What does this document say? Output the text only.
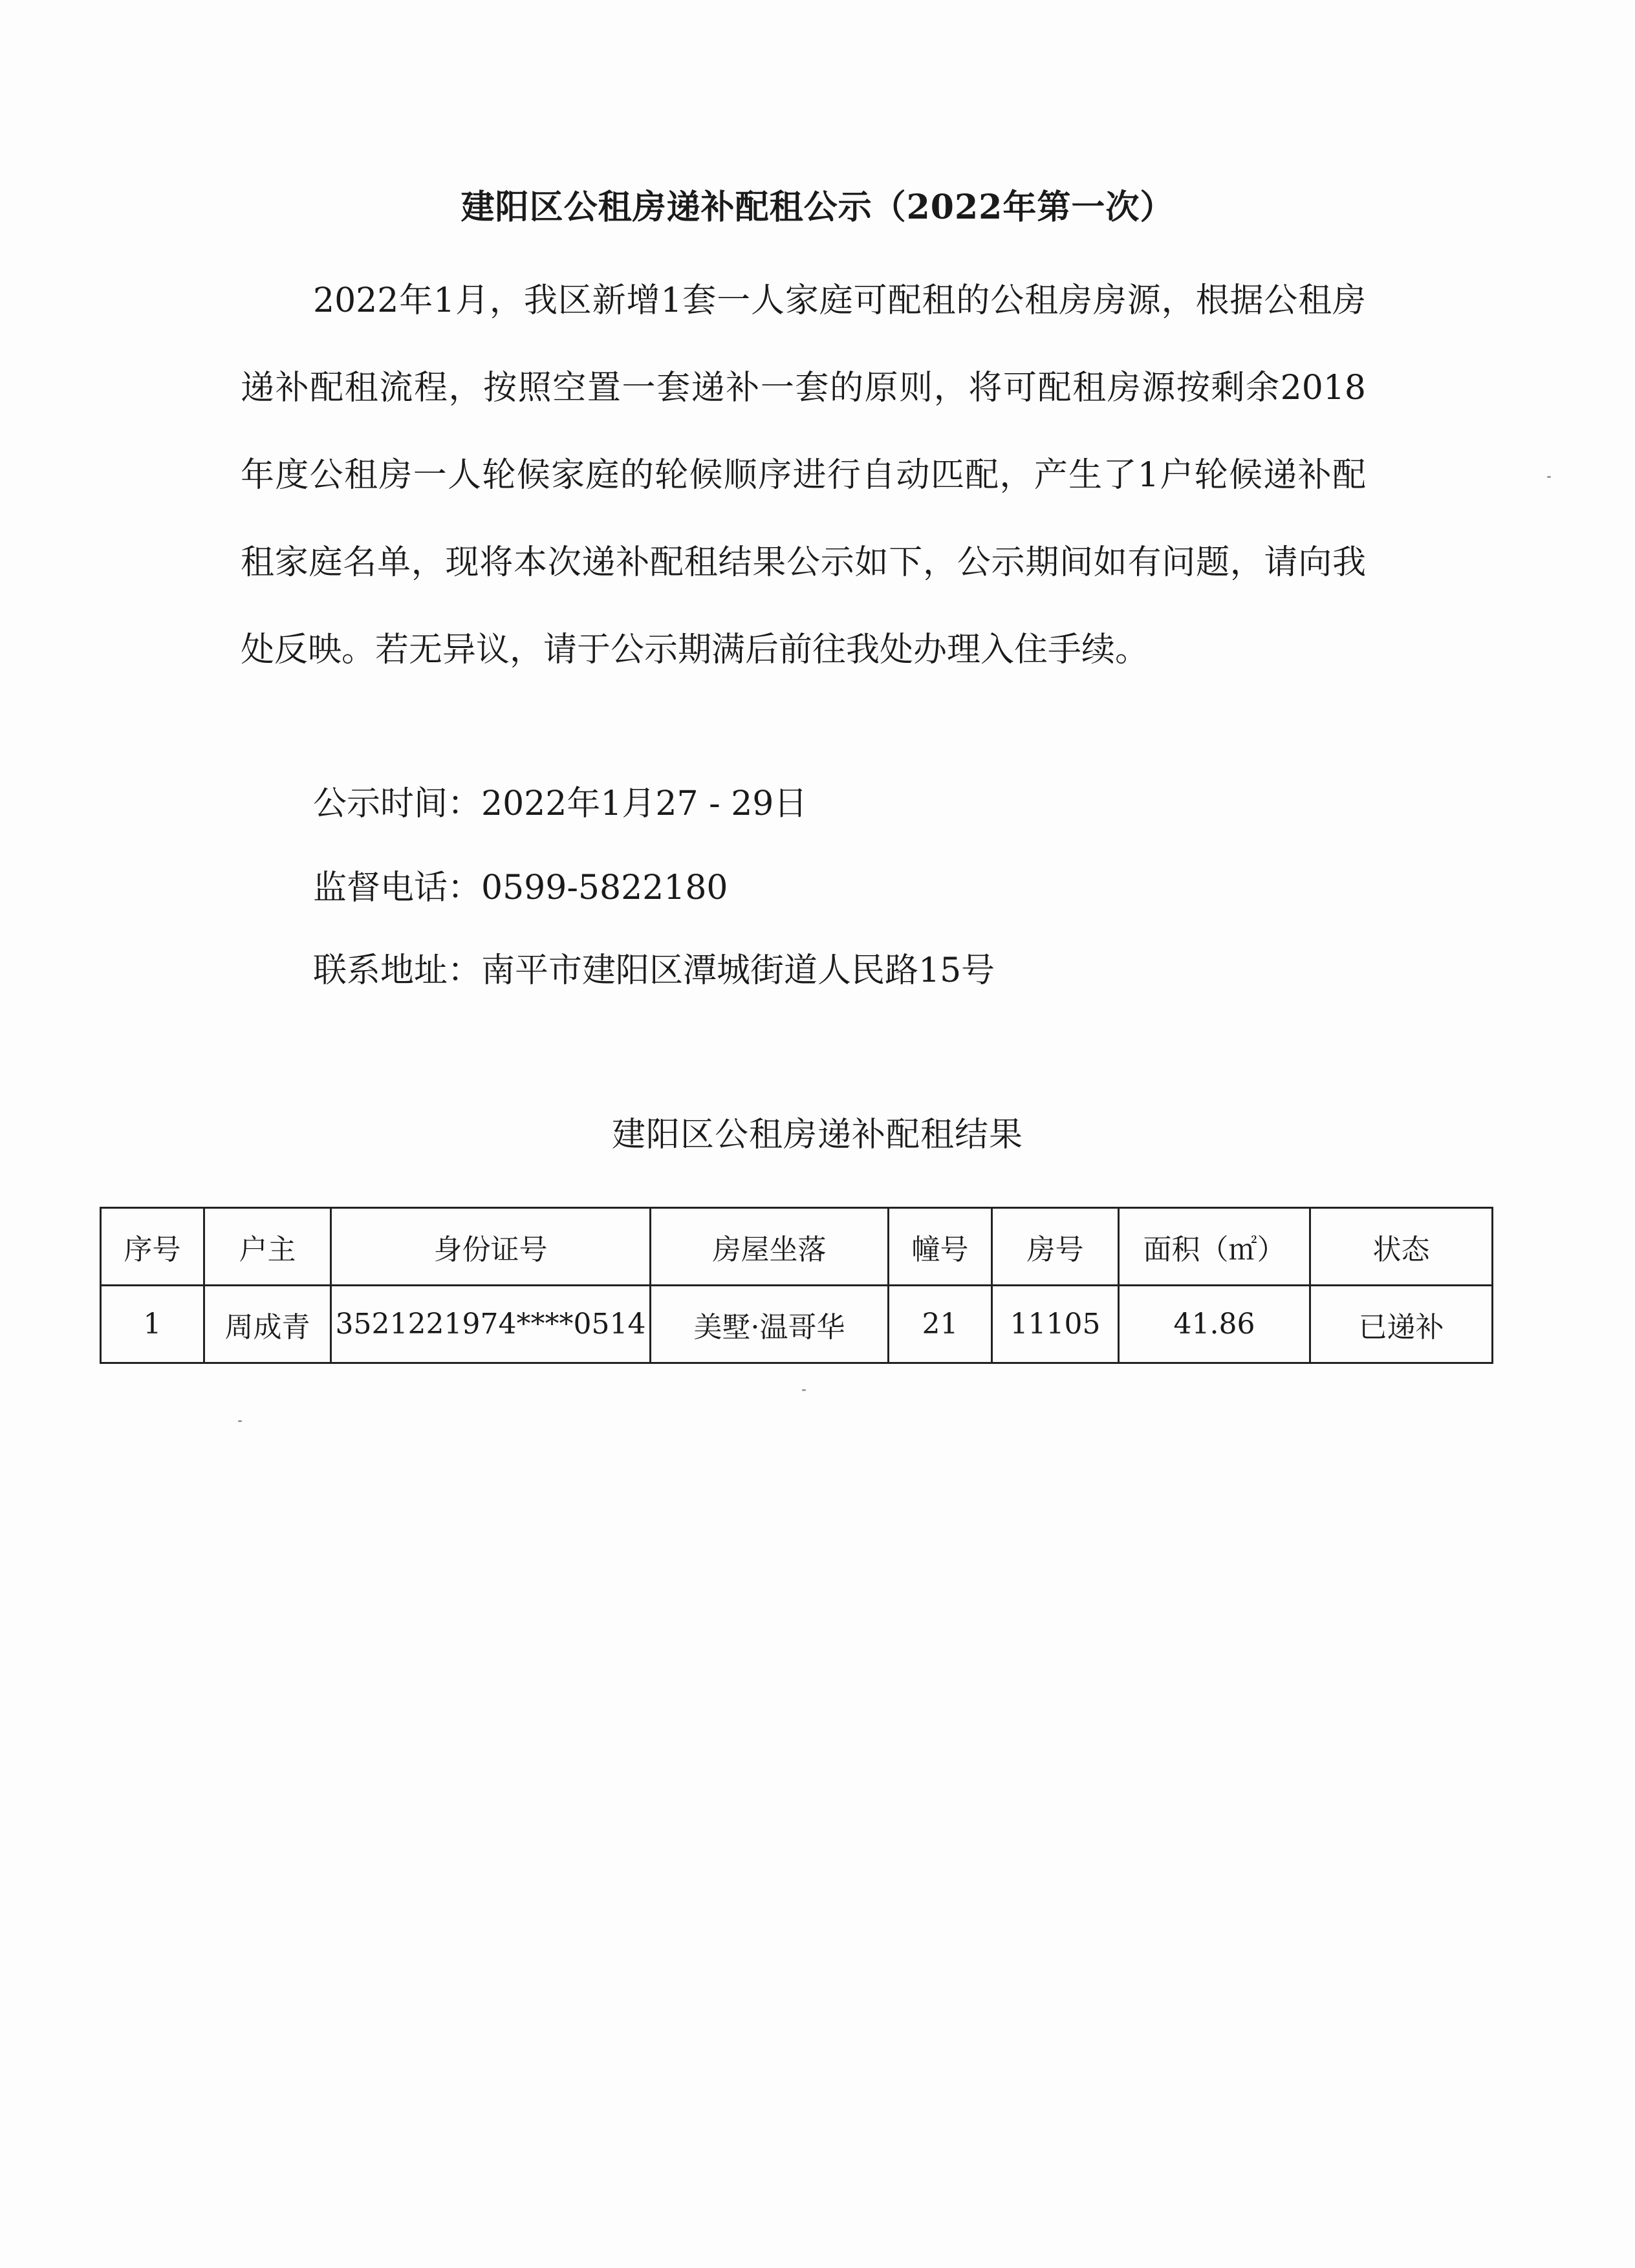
建阳区公租房递补配租公示（2022年第一次）

2022年1月，我区新增1套一人家庭可配租的公租房房源，根据公租房递补配租流程，按照空置一套递补一套的原则，将可配租房源按剩余2018年度公租房一人轮候家庭的轮候顺序进行自动匹配，产生了1户轮候递补配租家庭名单，现将本次递补配租结果公示如下，公示期间如有问题，请向我处反映。若无异议，请于公示期满后前往我处办理入住手续。

公示时间：2022年1月27 - 29日
监督电话：0599-5822180
联系地址：南平市建阳区潭城街道人民路15号
建阳区公租房递补配租结果
序号	户主	身份证号	房屋坐落	幢号	房号	面积（㎡）	状态
1	周成青	3521221974****0514	美墅·温哥华	21	11105	41.86	已递补
